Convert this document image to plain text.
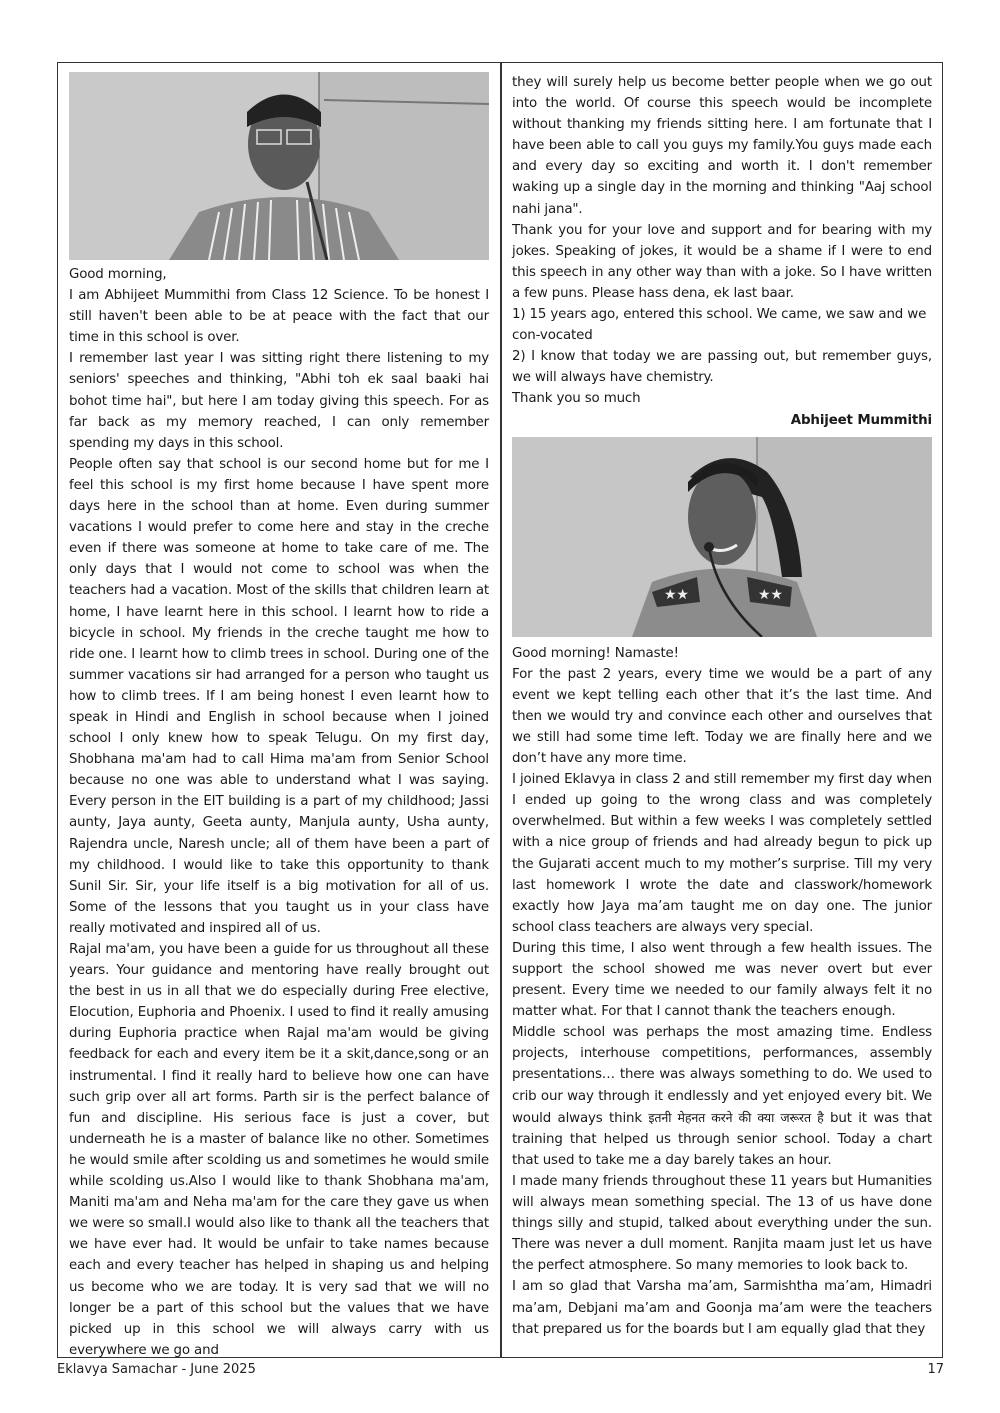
Good morning,

I am Abhijeet Mummithi from Class 12 Science. To be honest I still haven't been able to be at peace with the fact that our time in this school is over.

I remember last year I was sitting right there listening to my seniors' speeches and thinking, "Abhi toh ek saal baaki hai bohot time hai", but here I am today giving this speech. For as far back as my memory reached, I can only remember spending my days in this school.

People often say that school is our second home but for me I feel this school is my first home because I have spent more days here in the school than at home. Even during summer vacations I would prefer to come here and stay in the creche even if there was someone at home to take care of me. The only days that I would not come to school was when the teachers had a vacation. Most of the skills that children learn at home, I have learnt here in this school. I learnt how to ride a bicycle in school. My friends in the creche taught me how to ride one. I learnt how to climb trees in school. During one of the summer vacations sir had arranged for a person who taught us how to climb trees. If I am being honest I even learnt how to speak in Hindi and English in school because when I joined school I only knew how to speak Telugu. On my first day, Shobhana ma'am had to call Hima ma'am from Senior School because no one was able to understand what I was saying. Every person in the EIT building is a part of my childhood; Jassi aunty, Jaya aunty, Geeta aunty, Manjula aunty, Usha aunty, Rajendra uncle, Naresh uncle; all of them have been a part of my childhood. I would like to take this opportunity to thank Sunil Sir. Sir, your life itself is a big motivation for all of us. Some of the lessons that you taught us in your class have really motivated and inspired all of us.

Rajal ma'am, you have been a guide for us throughout all these years. Your guidance and mentoring have really brought out the best in us in all that we do especially during Free elective, Elocution, Euphoria and Phoenix. I used to find it really amusing during Euphoria practice when Rajal ma'am would be giving feedback for each and every item be it a skit,dance,song or an instrumental. I find it really hard to believe how one can have such grip over all art forms. Parth sir is the perfect balance of fun and discipline. His serious face is just a cover, but underneath he is a master of balance like no other. Sometimes he would smile after scolding us and sometimes he would smile while scolding us.Also I would like to thank Shobhana ma'am, Maniti ma'am and Neha ma'am for the care they gave us when we were so small.I would also like to thank all the teachers that we have ever had. It would be unfair to take names because each and every teacher has helped in shaping us and helping us become who we are today. It is very sad that we will no longer be a part of this school but the values that we have picked up in this school we will always carry with us everywhere we go and

they will surely help us become better people when we go out into the world. Of course this speech would be incomplete without thanking my friends sitting here. I am fortunate that I have been able to call you guys my family.You guys made each and every day so exciting and worth it. I don't remember waking up a single day in the morning and thinking "Aaj school nahi jana".

Thank you for your love and support and for bearing with my jokes. Speaking of jokes, it would be a shame if I were to end this speech in any other way than with a joke. So I have written a few puns. Please hass dena, ek last baar.

1) 15 years ago, entered this school. We came, we saw and we con-vocated

2) I know that today we are passing out, but remember guys, we will always have chemistry.

Thank you so much

Abhijeet Mummithi

★★	★★

Good morning! Namaste!

For the past 2 years, every time we would be a part of any event we kept telling each other that it’s the last time. And then we would try and convince each other and ourselves that we still had some time left. Today we are finally here and we don’t have any more time.

I joined Eklavya in class 2 and still remember my first day when I ended up going to the wrong class and was completely overwhelmed. But within a few weeks I was completely settled with a nice group of friends and had already begun to pick up the Gujarati accent much to my mother’s surprise. Till my very last homework I wrote the date and classwork/homework exactly how Jaya ma’am taught me on day one. The junior school class teachers are always very special.

During this time, I also went through a few health issues. The support the school showed me was never overt but ever present. Every time we needed to our family always felt it no matter what. For that I cannot thank the teachers enough.

Middle school was perhaps the most amazing time. Endless projects, interhouse competitions, performances, assembly presentations… there was always something to do. We used to crib our way through it endlessly and yet enjoyed every bit. We would always think इतनी मेहनत करने की क्या जरूरत है but it was that training that helped us through senior school. Today a chart that used to take me a day barely takes an hour.

I made many friends throughout these 11 years but Humanities will always mean something special. The 13 of us have done things silly and stupid, talked about everything under the sun. There was never a dull moment. Ranjita maam just let us have the perfect atmosphere. So many memories to look back to.

I am so glad that Varsha ma’am, Sarmishtha ma’am, Himadri ma’am, Debjani ma’am and Goonja ma’am were the teachers that prepared us for the boards but I am equally glad that they

Eklavya Samachar - June 2025	17
